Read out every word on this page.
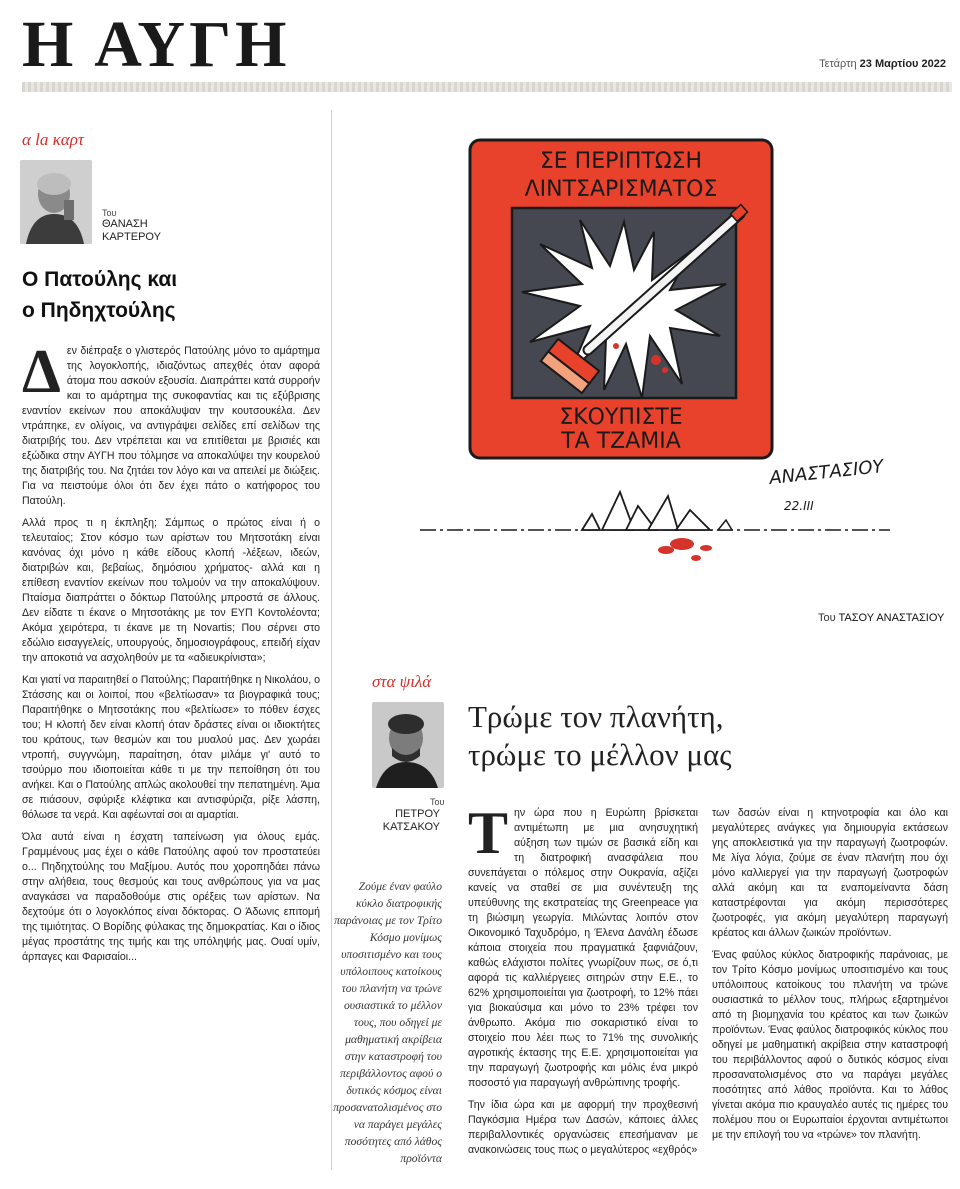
Η ΑΥΓΗ	Τετάρτη 23 Μαρτίου 2022
α la καρτ
Του
ΘΑΝΑΣΗ
ΚΑΡΤΕΡΟΥ
Ο Πατούλης και
ο Πηδηχτούλης

Δεν διέπραξε ο γλιστερός Πατούλης μόνο το αμάρτημα της λογοκλοπής, ιδιαζόντως απεχθές όταν αφορά άτομα που ασκούν εξουσία. Διαπράττει κατά συρροήν και το αμάρτημα της συκοφαντίας και τις εξύβρισης εναντίον εκείνων που αποκάλυψαν την κουτσουκέλα. Δεν ντράπηκε, εν ολίγοις, να αντιγράψει σελίδες επί σελίδων της διατριβής του. Δεν ντρέπεται και να επιτίθεται με βρισιές και εξώδικα στην ΑΥΓΗ που τόλμησε να αποκαλύψει την κουρελού της διατριβής του. Να ζητάει τον λόγο και να απειλεί με διώξεις. Για να πειστούμε όλοι ότι δεν έχει πάτο ο κατήφορος του Πατούλη.

Αλλά προς τι η έκπληξη; Σάμπως ο πρώτος είναι ή ο τελευταίος; Στον κόσμο των αρίστων του Μητσοτάκη είναι κανόνας όχι μόνο η κάθε είδους κλοπή -λέξεων, ιδεών, διατριβών και, βεβαίως, δημόσιου χρήματος- αλλά και η επίθεση εναντίον εκείνων που τολμούν να την αποκαλύψουν. Πταίσμα διαπράττει ο δόκτωρ Πατούλης μπροστά σε άλλους. Δεν είδατε τι έκανε ο Μητσοτάκης με τον ΕΥΠ Κοντολέοντα; Ακόμα χειρότερα, τι έκανε με τη Novartis; Που σέρνει στο εδώλιο εισαγγελείς, υπουργούς, δημοσιογράφους, επειδή είχαν την αποκοτιά να ασχοληθούν με τα «αδιευκρίνιστα»;

Και γιατί να παραιτηθεί ο Πατούλης; Παραιτήθηκε η Νικολάου, ο Στάσσης και οι λοιποί, που «βελτίωσαν» τα βιογραφικά τους; Παραιτήθηκε ο Μητσοτάκης που «βελτίωσε» το πόθεν έσχες του; Η κλοπή δεν είναι κλοπή όταν δράστες είναι οι ιδιοκτήτες του κράτους, των θεσμών και του μυαλού μας. Δεν χωράει ντροπή, συγγνώμη, παραίτηση, όταν μιλάμε γι' αυτό το τσούρμο που ιδιοποιείται κάθε τι με την πεποίθηση ότι του ανήκει. Και ο Πατούλης απλώς ακολουθεί την πεπατημένη. Άμα σε πιάσουν, σφύριξε κλέφτικα και αντισφύριζα, ρίξε λάσπη, θόλωσε τα νερά. Και αφέωνταί σοι αι αμαρτίαι.

Όλα αυτά είναι η έσχατη ταπείνωση για όλους εμάς. Γραμμένους μας έχει ο κάθε Πατούλης αφού τον προστατεύει ο... Πηδηχτούλης του Μαξίμου. Αυτός που χοροπηδάει πάνω στην αλήθεια, τους θεσμούς και τους ανθρώπους για να μας αναγκάσει να παραδοθούμε στις ορέξεις των αρίστων. Να δεχτούμε ότι ο λογοκλόπος είναι δόκτορας. Ο Άδωνις επιτομή της τιμιότητας. Ο Βορίδης φύλακας της δημοκρατίας. Και ο ίδιος μέγας προστάτης της τιμής και της υπόληψής μας. Ουαί υμίν, άρπαγες και Φαρισαίοι...

ΣΕ ΠΕΡΙΠΤΩΣΗ
ΛΙΝΤΣΑΡΙΣΜΑΤΟΣ
ΣΚΟΥΠΙΣΤΕ
ΤΑ ΤΖΑΜΙΑ
ΑΝΑΣΤΑΣΙΟΥ
22.III
Του ΤΑΣΟΥ ΑΝΑΣΤΑΣΙΟΥ
στα ψιλά
Του
ΠΕΤΡΟΥ
ΚΑΤΣΑΚΟΥ
Τρώμε τον πλανήτη,
τρώμε το μέλλον μας
Ζούμε έναν φαύλο κύκλο διατροφικής παράνοιας με τον Τρίτο Κόσμο μονίμως υποσιτισμένο και τους υπόλοιπους κατοίκους του πλανήτη να τρώνε ουσιαστικά το μέλλον τους, που οδηγεί με μαθηματική ακρίβεια στην καταστροφή του περιβάλλοντος αφού ο δυτικός κόσμος είναι προσανατολισμένος στο να παράγει μεγάλες ποσότητες από λάθος προϊόντα

Την ώρα που η Ευρώπη βρίσκεται αντιμέτωπη με μια ανησυχητική αύξηση των τιμών σε βασικά είδη και τη διατροφική ανασφάλεια που συνεπάγεται ο πόλεμος στην Ουκρανία, αξίζει κανείς να σταθεί σε μια συνέντευξη της υπεύθυνης της εκστρατείας της Greenpeace για τη βιώσιμη γεωργία. Μιλώντας λοιπόν στον Οικονομικό Ταχυδρόμο, η Έλενα Δανάλη έδωσε κάποια στοιχεία που πραγματικά ξαφνιάζουν, καθώς ελάχιστοι πολίτες γνωρίζουν πως, σε ό,τι αφορά τις καλλιέργειες σιτηρών στην Ε.Ε., το 62% χρησιμοποιείται για ζωοτροφή, το 12% πάει για βιοκαύσιμα και μόνο το 23% τρέφει τον άνθρωπο. Ακόμα πιο σοκαριστικό είναι το στοιχείο που λέει πως το 71% της συνολικής αγροτικής έκτασης της Ε.Ε. χρησιμοποιείται για την παραγωγή ζωοτροφής και μόλις ένα μικρό ποσοστό για παραγωγή ανθρώπινης τροφής.

Την ίδια ώρα και με αφορμή την προχθεσινή Παγκόσμια Ημέρα των Δασών, κάποιες άλλες περιβαλλοντικές οργανώσεις επεσήμαναν με ανακοινώσεις τους πως ο μεγαλύτερος «εχθρός»

των δασών είναι η κτηνοτροφία και όλο και μεγαλύτερες ανάγκες για δημιουργία εκτάσεων γης αποκλειστικά για την παραγωγή ζωοτροφών. Με λίγα λόγια, ζούμε σε έναν πλανήτη που όχι μόνο καλλιεργεί για την παραγωγή ζωοτροφών αλλά ακόμη και τα εναπομείναντα δάση καταστρέφονται για ακόμη περισσότερες ζωοτροφές, για ακόμη μεγαλύτερη παραγωγή κρέατος και άλλων ζωικών προϊόντων.

Ένας φαύλος κύκλος διατροφικής παράνοιας, με τον Τρίτο Κόσμο μονίμως υποσιτισμένο και τους υπόλοιπους κατοίκους του πλανήτη να τρώνε ουσιαστικά το μέλλον τους, πλήρως εξαρτημένοι από τη βιομηχανία του κρέατος και των ζωικών προϊόντων. Ένας φαύλος διατροφικός κύκλος που οδηγεί με μαθηματική ακρίβεια στην καταστροφή του περιβάλλοντος αφού ο δυτικός κόσμος είναι προσανατολισμένος στο να παράγει μεγάλες ποσότητες από λάθος προϊόντα. Και το λάθος γίνεται ακόμα πιο κραυγαλέο αυτές τις ημέρες του πολέμου που οι Ευρωπαίοι έρχονται αντιμέτωποι με την επιλογή του να «τρώνε» τον πλανήτη.
